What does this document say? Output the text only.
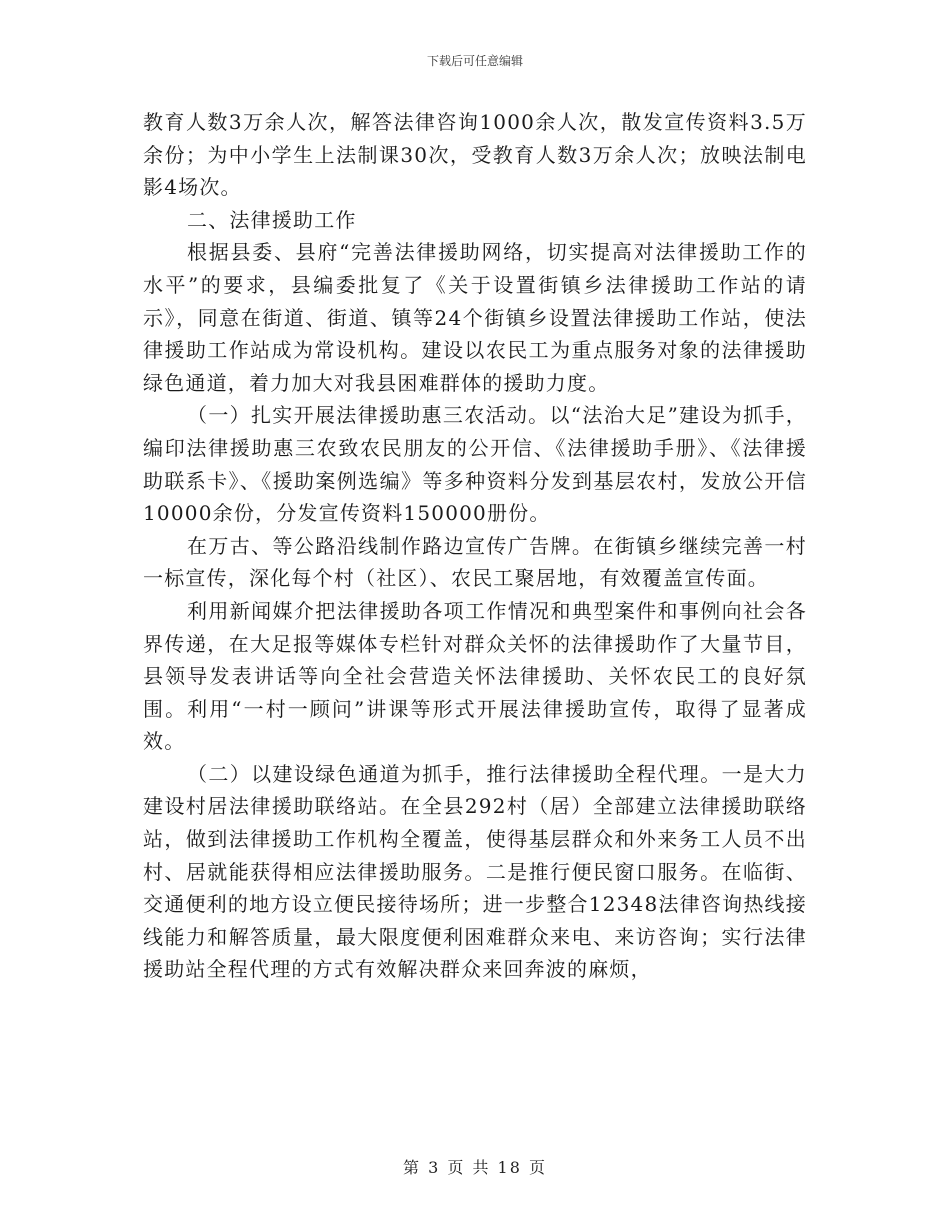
下载后可任意编辑

教育人数3万余人次，解答法律咨询1000余人次，散发宣传资料3.5万余份；为中小学生上法制课30次，受教育人数3万余人次；放映法制电影4场次。

二、法律援助工作

根据县委、县府“完善法律援助网络，切实提高对法律援助工作的水平”的要求，县编委批复了《关于设置街镇乡法律援助工作站的请示》，同意在街道、街道、镇等24个街镇乡设置法律援助工作站，使法律援助工作站成为常设机构。建设以农民工为重点服务对象的法律援助绿色通道，着力加大对我县困难群体的援助力度。

（一）扎实开展法律援助惠三农活动。以“法治大足”建设为抓手，编印法律援助惠三农致农民朋友的公开信、《法律援助手册》、《法律援助联系卡》、《援助案例选编》等多种资料分发到基层农村，发放公开信10000余份，分发宣传资料150000册份。

在万古、等公路沿线制作路边宣传广告牌。在街镇乡继续完善一村一标宣传，深化每个村（社区）、农民工聚居地，有效覆盖宣传面。

利用新闻媒介把法律援助各项工作情况和典型案件和事例向社会各界传递，在大足报等媒体专栏针对群众关怀的法律援助作了大量节目，县领导发表讲话等向全社会营造关怀法律援助、关怀农民工的良好氛围。利用“一村一顾问”讲课等形式开展法律援助宣传，取得了显著成效。

（二）以建设绿色通道为抓手，推行法律援助全程代理。一是大力建设村居法律援助联络站。在全县292村（居）全部建立法律援助联络站，做到法律援助工作机构全覆盖，使得基层群众和外来务工人员不出村、居就能获得相应法律援助服务。二是推行便民窗口服务。在临街、交通便利的地方设立便民接待场所；进一步整合12348法律咨询热线接线能力和解答质量，最大限度便利困难群众来电、来访咨询；实行法律援助站全程代理的方式有效解决群众来回奔波的麻烦，

第 3 页 共 18 页
